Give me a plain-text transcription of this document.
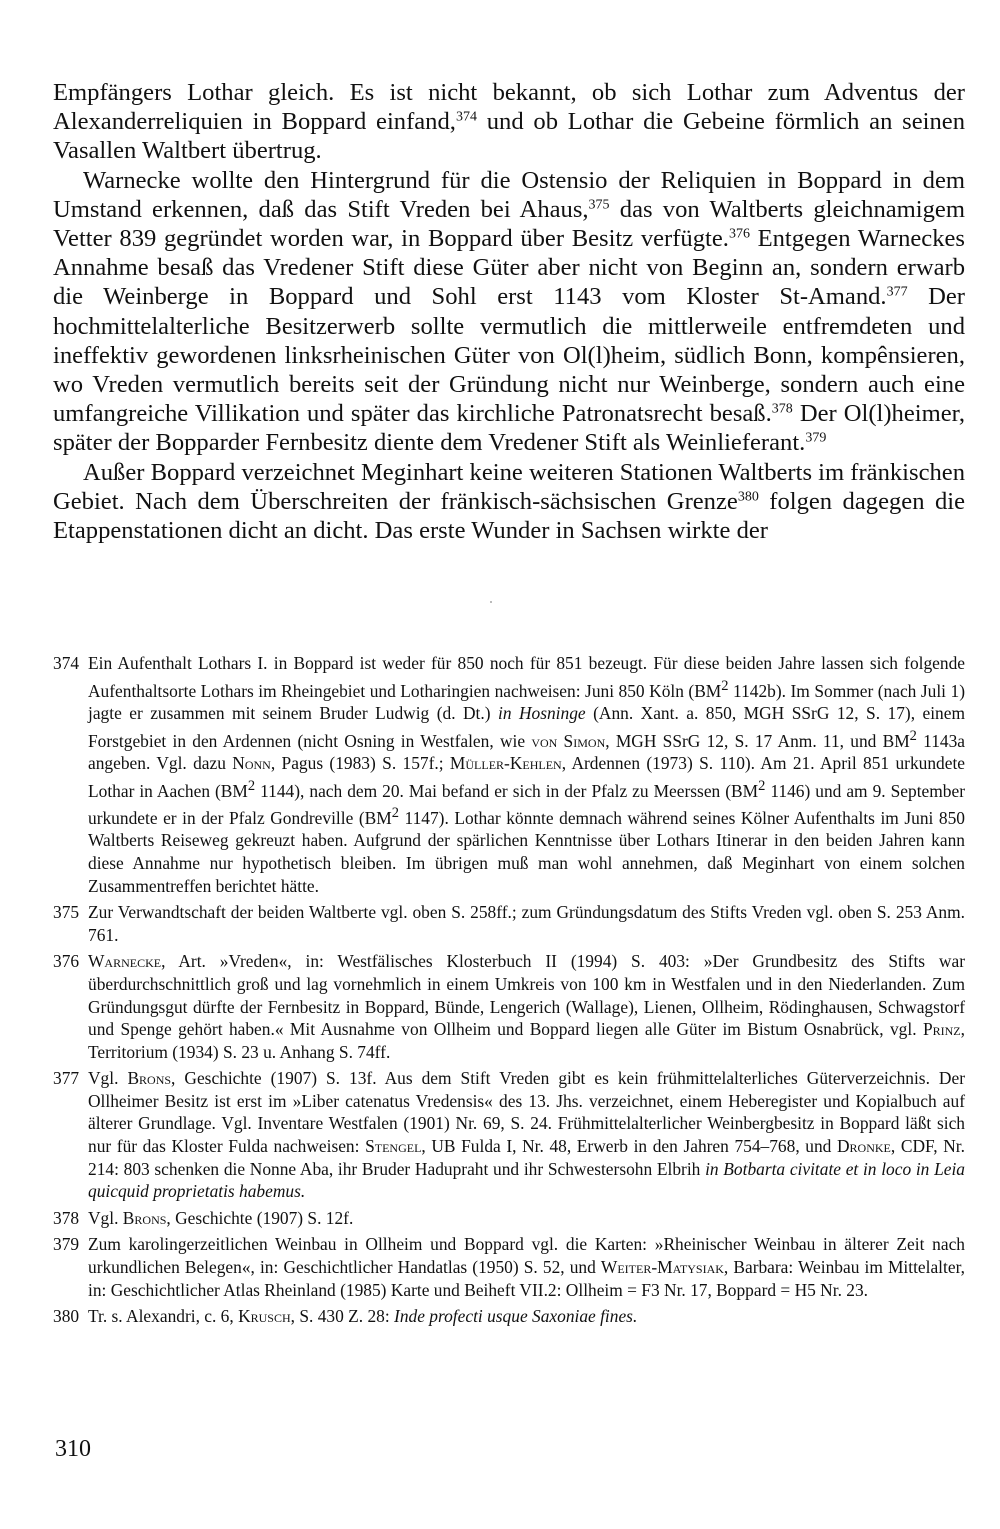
Empfängers Lothar gleich. Es ist nicht bekannt, ob sich Lothar zum Adventus der Alexanderreliquien in Boppard einfand,$^{374}$ und ob Lothar die Gebeine förmlich an seinen Vasallen Waltbert übertrug.

Warnecke wollte den Hintergrund für die Ostensio der Reliquien in Boppard in dem Umstand erkennen, daß das Stift Vreden bei Ahaus,$^{375}$ das von Waltberts gleichnamigem Vetter 839 gegründet worden war, in Boppard über Besitz verfügte.$^{376}$ Entgegen Warneckes Annahme besaß das Vredener Stift diese Güter aber nicht von Beginn an, sondern erwarb die Weinberge in Boppard und Sohl erst 1143 vom Kloster St-Amand.$^{377}$ Der hochmittelalterliche Besitzerwerb sollte vermutlich die mittlerweile entfremdeten und ineffektiv gewordenen linksrheinischen Güter von Ol(l)heim, südlich Bonn, kompênsieren, wo Vreden vermutlich bereits seit der Gründung nicht nur Weinberge, sondern auch eine umfangreiche Villikation und später das kirchliche Patronatsrecht besaß.$^{378}$ Der Ol(l)heimer, später der Bopparder Fernbesitz diente dem Vredener Stift als Weinlieferant.$^{379}$

Außer Boppard verzeichnet Meginhart keine weiteren Stationen Waltberts im fränkischen Gebiet. Nach dem Überschreiten der fränkisch-sächsischen Grenze$^{380}$ folgen dagegen die Etappenstationen dicht an dicht. Das erste Wunder in Sachsen wirkte der

374 Ein Aufenthalt Lothars I. in Boppard ist weder für 850 noch für 851 bezeugt. Für diese beiden Jahre lassen sich folgende Aufenthaltsorte Lothars im Rheingebiet und Lotharingien nachweisen: Juni 850 Köln ($BM^2$ 1142b). Im Sommer (nach Juli 1) jagte er zusammen mit seinem Bruder Ludwig (d. Dt.) in Hosninge (Ann. Xant. a. 850, MGH SSrG 12, S. 17), einem Forstgebiet in den Ardennen (nicht Osning in Westfalen, wie von Simon, MGH SSrG 12, S. 17 Anm. 11, und $BM^2$ 1143a angeben. Vgl. dazu Nonn, Pagus (1983) S. 157f.; Müller-Kehlen, Ardennen (1973) S. 110). Am 21. April 851 urkundete Lothar in Aachen ($BM^2$ 1144), nach dem 20. Mai befand er sich in der Pfalz zu Meerssen ($BM^2$ 1146) und am 9. September urkundete er in der Pfalz Gondreville ($BM^2$ 1147). Lothar könnte demnach während seines Kölner Aufenthalts im Juni 850 Waltberts Reiseweg gekreuzt haben. Aufgrund der spärlichen Kenntnisse über Lothars Itinerar in den beiden Jahren kann diese Annahme nur hypothetisch bleiben. Im übrigen muß man wohl annehmen, daß Meginhart von einem solchen Zusammentreffen berichtet hätte.
375 Zur Verwandtschaft der beiden Waltberte vgl. oben S. 258ff.; zum Gründungsdatum des Stifts Vreden vgl. oben S. 253 Anm. 761.
376 Warnecke, Art. »Vreden«, in: Westfälisches Klosterbuch II (1994) S. 403: »Der Grundbesitz des Stifts war überdurchschnittlich groß und lag vornehmlich in einem Umkreis von 100 km in Westfalen und in den Niederlanden. Zum Gründungsgut dürfte der Fernbesitz in Boppard, Bünde, Lengerich (Wallage), Lienen, Ollheim, Rödinghausen, Schwagstorf und Spenge gehört haben.« Mit Ausnahme von Ollheim und Boppard liegen alle Güter im Bistum Osnabrück, vgl. Prinz, Territorium (1934) S. 23 u. Anhang S. 74ff.
377 Vgl. Brons, Geschichte (1907) S. 13f. Aus dem Stift Vreden gibt es kein frühmittelalterliches Güterverzeichnis. Der Ollheimer Besitz ist erst im »Liber catenatus Vredensis« des 13. Jhs. verzeichnet, einem Heberegister und Kopialbuch auf älterer Grundlage. Vgl. Inventare Westfalen (1901) Nr. 69, S. 24. Frühmittelalterlicher Weinbergbesitz in Boppard läßt sich nur für das Kloster Fulda nachweisen: Stengel, UB Fulda I, Nr. 48, Erwerb in den Jahren 754–768, und Dronke, CDF, Nr. 214: 803 schenken die Nonne Aba, ihr Bruder Haduprаht und ihr Schwestersohn Elbrih in Botbarta civitate et in loco in Leia quicquid proprietatis habemus.
378 Vgl. Brons, Geschichte (1907) S. 12f.
379 Zum karolingerzeitlichen Weinbau in Ollheim und Boppard vgl. die Karten: »Rheinischer Weinbau in älterer Zeit nach urkundlichen Belegen«, in: Geschichtlicher Handatlas (1950) S. 52, und Weiter-Matysiak, Barbara: Weinbau im Mittelalter, in: Geschichtlicher Atlas Rheinland (1985) Karte und Beiheft VII.2: Ollheim = F3 Nr. 17, Boppard = H5 Nr. 23.
380 Tr. s. Alexandri, c. 6, Krusch, S. 430 Z. 28: Inde profecti usque Saxoniae fines.
310
